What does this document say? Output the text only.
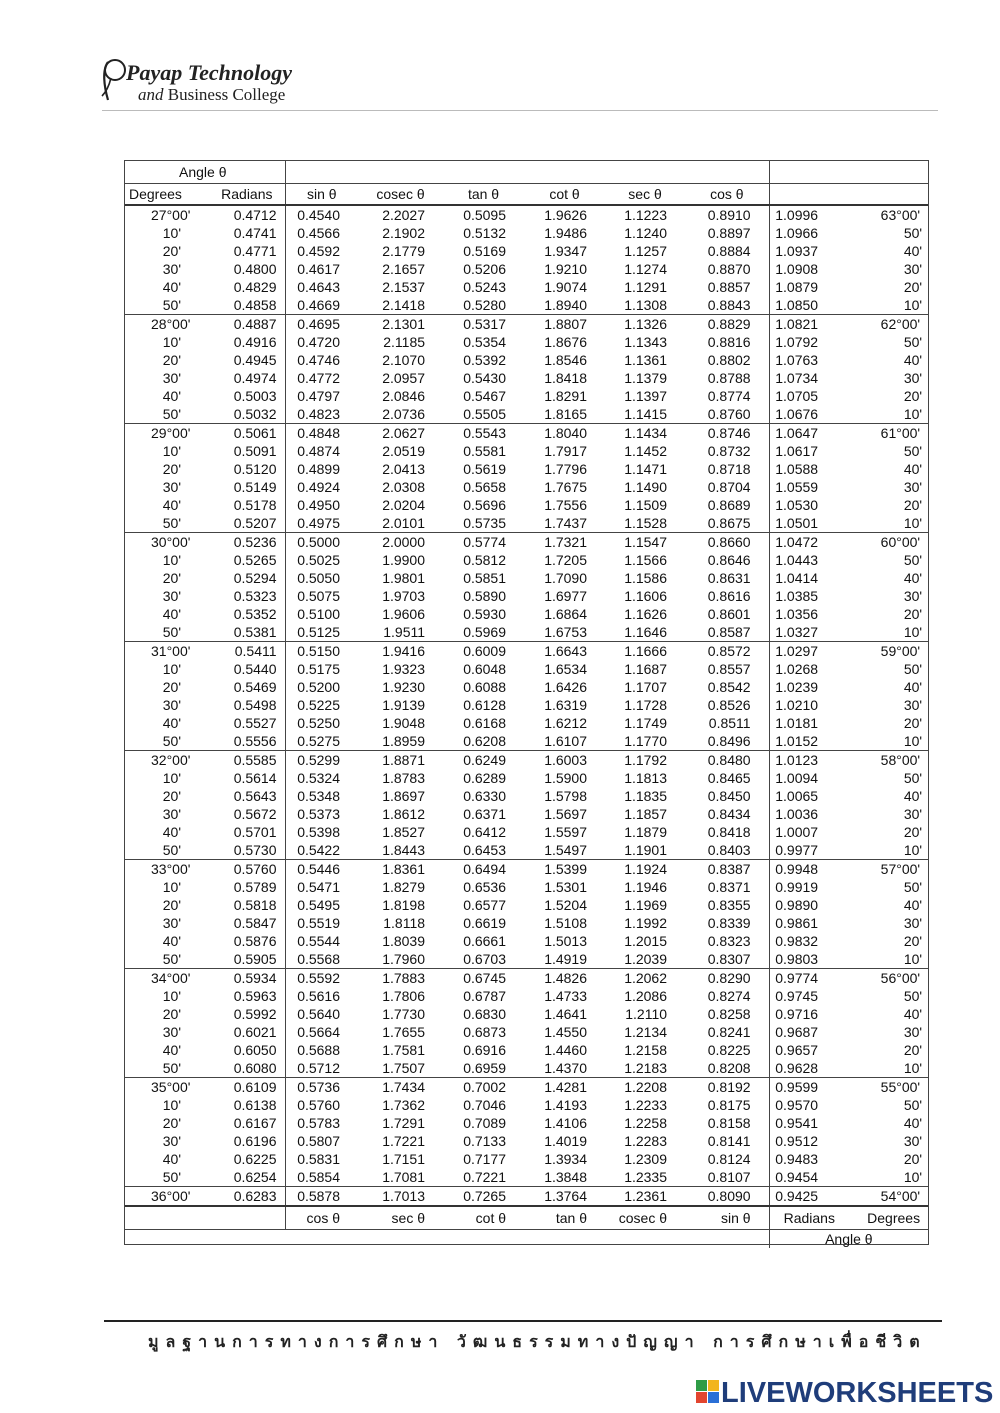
Payap Technology
and Business College
Angle θ									
Degrees	Radians	sin θ	cosec θ	tan θ	cot θ	sec θ	cos θ		
27°00'	0.4712	0.4540	2.2027	0.5095	1.9626	1.1223	0.8910	1.0996	63°00'
10'	0.4741	0.4566	2.1902	0.5132	1.9486	1.1240	0.8897	1.0966	50'
20'	0.4771	0.4592	2.1779	0.5169	1.9347	1.1257	0.8884	1.0937	40'
30'	0.4800	0.4617	2.1657	0.5206	1.9210	1.1274	0.8870	1.0908	30'
40'	0.4829	0.4643	2.1537	0.5243	1.9074	1.1291	0.8857	1.0879	20'
50'	0.4858	0.4669	2.1418	0.5280	1.8940	1.1308	0.8843	1.0850	10'
28°00'	0.4887	0.4695	2.1301	0.5317	1.8807	1.1326	0.8829	1.0821	62°00'
10'	0.4916	0.4720	2.1185	0.5354	1.8676	1.1343	0.8816	1.0792	50'
20'	0.4945	0.4746	2.1070	0.5392	1.8546	1.1361	0.8802	1.0763	40'
30'	0.4974	0.4772	2.0957	0.5430	1.8418	1.1379	0.8788	1.0734	30'
40'	0.5003	0.4797	2.0846	0.5467	1.8291	1.1397	0.8774	1.0705	20'
50'	0.5032	0.4823	2.0736	0.5505	1.8165	1.1415	0.8760	1.0676	10'
29°00'	0.5061	0.4848	2.0627	0.5543	1.8040	1.1434	0.8746	1.0647	61°00'
10'	0.5091	0.4874	2.0519	0.5581	1.7917	1.1452	0.8732	1.0617	50'
20'	0.5120	0.4899	2.0413	0.5619	1.7796	1.1471	0.8718	1.0588	40'
30'	0.5149	0.4924	2.0308	0.5658	1.7675	1.1490	0.8704	1.0559	30'
40'	0.5178	0.4950	2.0204	0.5696	1.7556	1.1509	0.8689	1.0530	20'
50'	0.5207	0.4975	2.0101	0.5735	1.7437	1.1528	0.8675	1.0501	10'
30°00'	0.5236	0.5000	2.0000	0.5774	1.7321	1.1547	0.8660	1.0472	60°00'
10'	0.5265	0.5025	1.9900	0.5812	1.7205	1.1566	0.8646	1.0443	50'
20'	0.5294	0.5050	1.9801	0.5851	1.7090	1.1586	0.8631	1.0414	40'
30'	0.5323	0.5075	1.9703	0.5890	1.6977	1.1606	0.8616	1.0385	30'
40'	0.5352	0.5100	1.9606	0.5930	1.6864	1.1626	0.8601	1.0356	20'
50'	0.5381	0.5125	1.9511	0.5969	1.6753	1.1646	0.8587	1.0327	10'
31°00'	0.5411	0.5150	1.9416	0.6009	1.6643	1.1666	0.8572	1.0297	59°00'
10'	0.5440	0.5175	1.9323	0.6048	1.6534	1.1687	0.8557	1.0268	50'
20'	0.5469	0.5200	1.9230	0.6088	1.6426	1.1707	0.8542	1.0239	40'
30'	0.5498	0.5225	1.9139	0.6128	1.6319	1.1728	0.8526	1.0210	30'
40'	0.5527	0.5250	1.9048	0.6168	1.6212	1.1749	0.8511	1.0181	20'
50'	0.5556	0.5275	1.8959	0.6208	1.6107	1.1770	0.8496	1.0152	10'
32°00'	0.5585	0.5299	1.8871	0.6249	1.6003	1.1792	0.8480	1.0123	58°00'
10'	0.5614	0.5324	1.8783	0.6289	1.5900	1.1813	0.8465	1.0094	50'
20'	0.5643	0.5348	1.8697	0.6330	1.5798	1.1835	0.8450	1.0065	40'
30'	0.5672	0.5373	1.8612	0.6371	1.5697	1.1857	0.8434	1.0036	30'
40'	0.5701	0.5398	1.8527	0.6412	1.5597	1.1879	0.8418	1.0007	20'
50'	0.5730	0.5422	1.8443	0.6453	1.5497	1.1901	0.8403	0.9977	10'
33°00'	0.5760	0.5446	1.8361	0.6494	1.5399	1.1924	0.8387	0.9948	57°00'
10'	0.5789	0.5471	1.8279	0.6536	1.5301	1.1946	0.8371	0.9919	50'
20'	0.5818	0.5495	1.8198	0.6577	1.5204	1.1969	0.8355	0.9890	40'
30'	0.5847	0.5519	1.8118	0.6619	1.5108	1.1992	0.8339	0.9861	30'
40'	0.5876	0.5544	1.8039	0.6661	1.5013	1.2015	0.8323	0.9832	20'
50'	0.5905	0.5568	1.7960	0.6703	1.4919	1.2039	0.8307	0.9803	10'
34°00'	0.5934	0.5592	1.7883	0.6745	1.4826	1.2062	0.8290	0.9774	56°00'
10'	0.5963	0.5616	1.7806	0.6787	1.4733	1.2086	0.8274	0.9745	50'
20'	0.5992	0.5640	1.7730	0.6830	1.4641	1.2110	0.8258	0.9716	40'
30'	0.6021	0.5664	1.7655	0.6873	1.4550	1.2134	0.8241	0.9687	30'
40'	0.6050	0.5688	1.7581	0.6916	1.4460	1.2158	0.8225	0.9657	20'
50'	0.6080	0.5712	1.7507	0.6959	1.4370	1.2183	0.8208	0.9628	10'
35°00'	0.6109	0.5736	1.7434	0.7002	1.4281	1.2208	0.8192	0.9599	55°00'
10'	0.6138	0.5760	1.7362	0.7046	1.4193	1.2233	0.8175	0.9570	50'
20'	0.6167	0.5783	1.7291	0.7089	1.4106	1.2258	0.8158	0.9541	40'
30'	0.6196	0.5807	1.7221	0.7133	1.4019	1.2283	0.8141	0.9512	30'
40'	0.6225	0.5831	1.7151	0.7177	1.3934	1.2309	0.8124	0.9483	20'
50'	0.6254	0.5854	1.7081	0.7221	1.3848	1.2335	0.8107	0.9454	10'
36°00'	0.6283	0.5878	1.7013	0.7265	1.3764	1.2361	0.8090	0.9425	54°00'
		cos θ	sec θ	cot θ	tan θ	cosec θ	sin θ	Radians	Degrees
								Angle θ	
มูลฐานการทางการศึกษา วัฒนธรรมทางปัญญา การศึกษาเพื่อชีวิต
LIVEWORKSHEETS
